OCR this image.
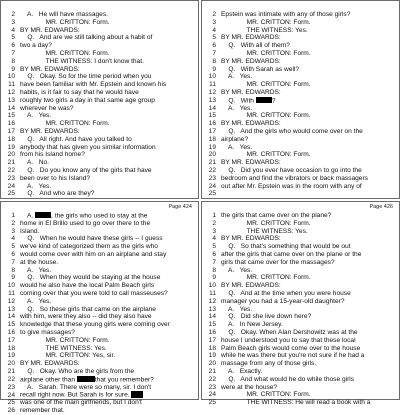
2 A.   He will have massages.
3 MR. CRITTON: Form.
4 BY MR. EDWARDS:
5 Q.   And are we still talking about a habit of
6 two a day?
7 MR. CRITTON: Form.
8 THE WITNESS: I don't know that.
9 BY MR. EDWARDS:
10 Q.   Okay. So for the time period when you
11 have been familiar with Mr. Epstein and known his
12 habits, is it fair to say that he would have
13 roughly two girls a day in that same age group
14 wherever he was?
15 A.   Yes.
16 MR. CRITTON: Form.
17 BY MR. EDWARDS:
18 Q.   All right. And have you talked to
19 anybody that has given you similar information
20 from his Island home?
21 A.   No.
22 Q.   Do you know any of the girls that have
23 been over to his Island?
24 A.   Yes.
25 Q.   And who are they?
2 Epstein was intimate with any of those girls?
3 MR. CRITTON: Form.
4 THE WITNESS: Yes.
5 BY MR. EDWARDS:
6 Q.   With all of them?
7 MR. CRITTON: Form.
8 BY MR. EDWARDS:
9 Q.   With Sarah as well?
10 A.   Yes.
11 MR. CRITTON: Form.
12 BY MR. EDWARDS:
13 Q.   With	?
14 A.   Yes.
15 MR. CRITTON: Form.
16 BY MR. EDWARDS:
17 Q.   And the girls who would come over on the
18 airplane?
19 A.   Yes.
20 MR. CRITTON: Form.
21 BY MR. EDWARDS:
22 Q.   Did you ever have occasion to go into the
23 bedroom and find the vibrators or back massagers
24 out after Mr. Epstein was in the room with any of
25
Page 424
1 A.	, the girls who used to stay at the
2 home in El Brillo used to go over there to the
3 Island.
4 Q.   When he would have these girls -- I guess
5 we've kind of categorized them as the girls who
6 would come over with him on an airplane and stay
7 at the house.
8 A.   Yes.
9 Q.   When they would be staying at the house
10 would he also have the local Palm Beach girls
11 coming over that you were told to call masseuses?
12 A.   Yes.
13 Q.   So these girls that came on the airplane
14 with him, were they also -- did they also have
15 knowledge that these young girls were coming over
16 to give massages?
17 MR. CRITTON: Form.
18 THE WITNESS: Yes.
19 MR. CRITTON: Yes, sir.
20 BY MR. EDWARDS:
21 Q.   Okay. Who are the girls from the
22 airplane other than	that you remember?
23 A.   Sarah. There were so many, sir. I don't
24 recall right now. But Sarah is for sure.
25 was one of the main girlfriends, but I don't
26 remember that.
Page 426
1 the girls that came over on the plane?
2 MR. CRITTON: Form.
3 THE WITNESS: Yes.
4 BY MR. EDWARDS:
5 Q.   So that's something that would be out
6 after the girls that came over on the plane or the
7 girls that came over for the massages?
8 A.   Yes.
9 MR. CRITTON: Form.
10 BY MR. EDWARDS:
11 Q.   And at the time when you were house
12 manager you had a 15-year-old daughter?
13 A.   Yes.
14 Q.   Did she live down here?
15 A.   In New Jersey.
16 Q.   Okay. When Alan Dershowitz was at the
17 house I understood you to say that these local
18 Palm Beach girls would come over to the house
19 while he was there but you're not sure if he had a
20 massage from any of those girls.
21 A.   Exactly.
22 Q.   And what would he do while those girls
23 were at the house?
24 MR. CRITTON: Form.
25 THE WITNESS: He will read a book with a
